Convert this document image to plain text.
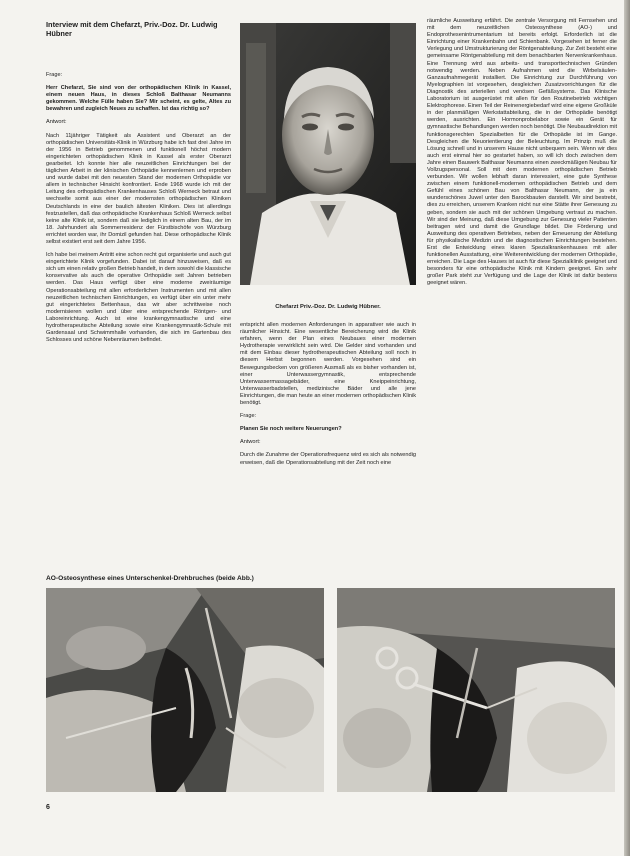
Interview mit dem Chefarzt, Priv.-Doz. Dr. Ludwig Hübner

Frage:

Herr Chefarzt, Sie sind von der orthopädischen Klinik in Kassel, einem neuen Haus, in dieses Schloß Balthasar Neumanns gekommen. Welche Fülle haben Sie? Mir scheint, es gelte, Altes zu bewahren und zugleich Neues zu schaffen. Ist das richtig so?

Antwort:

Nach 11jähriger Tätigkeit als Assistent und Oberarzt an der orthopädischen Universitäts-Klinik in Würzburg habe ich fast drei Jahre im der 1956 in Betrieb genommenen und funktionell höchst modern eingerichteten orthopädischen Klinik in Kassel als erster Oberarzt gearbeitet. Ich konnte hier alle neuzeitlichen Einrichtungen bei der täglichen Arbeit in der klinischen Orthopädie kennenlernen und erproben und wurde dabei mit den neuesten Stand der modernen Orthopädie vor allem in technischer Hinsicht konfrontiert. Ende 1968 wurde ich mit der Leitung des orthopädischen Krankenhauses Schloß Werneck betraut und wechselte somit aus einer der modernsten orthopädischen Kliniken Deutschlands in eine der baulich ältesten Kliniken. Dies ist allerdings festzustellen, daß das orthopädische Krankenhaus Schloß Werneck selbst keine alte Klinik ist, sondern daß sie lediglich in einem alten Bau, der im 18. Jahrhundert als Sommerresidenz der Fürstbischöfe von Würzburg errichtet worden war, ihr Domizil gefunden hat. Diese orthopädische Klinik selbst existiert erst seit dem Jahre 1956.

Ich habe bei meinem Antritt eine schon recht gut organisierte und auch gut eingerichtete Klinik vorgefunden. Dabei ist darauf hinzuweisen, daß es sich um einen relativ großen Betrieb handelt, in dem sowohl die klassische konservative als auch die operative Orthopädie seit Jahren betrieben werden. Das Haus verfügt über eine moderne zweiräumige Operationsabteilung mit allen erforderlichen Instrumenten und mit allen neuzeitlichen technischen Einrichtungen, es verfügt über ein unter mehr gut eingerichtetes Bettenhaus, das wir aber schrittweise noch modernisieren wollen und über eine entsprechende Röntgen- und Laboreinrichtung. Auch ist eine krankengymnastische und eine hydrotherapeutische Abteilung sowie eine Krankengymnastik-Schule mit Gardensaal und Schwimmhalle vorhanden, die sich im Gartenbau des Schlosses und schöne Nebenräumen befindet.

Chefarzt Priv.-Doz. Dr. Ludwig Hübner.

entspricht allen modernen Anforderungen in apparativer wie auch in räumlicher Hinsicht. Eine wesentliche Bereicherung wird die Klinik erfahren, wenn der Plan eines Neubaues einer modernen Hydrotherapie verwirklicht sein wird. Die Gelder sind vorhanden und mit dem Einbau dieser hydrotherapeutischen Abteilung soll noch in diesem Herbst begonnen werden. Vorgesehen sind ein Bewegungsbecken von größeren Ausmaß als es bisher vorhanden ist, einer Unterwassergymnastik, entsprechende Unterwassermassagebäder, eine Kneippeinrichtung, Unterwasserbadstellen, medizinische Bäder und alle jene Einrichtungen, die man heute an einer modernen orthopädischen Klinik benötigt.

Frage:

Planen Sie noch weitere Neuerungen?

Antwort:

Durch die Zunahme der Operationsfrequenz wird es sich als notwendig erweisen, daß die Operationsabteilung mit der Zeit noch eine

räumliche Ausweitung erfährt. Die zentrale Versorgung mit Fernsehen und mit dem neuzeitlichen Osteosynthese (AO-) und Endoprothesenintrumentarium ist bereits erfolgt. Erforderlich ist die Einrichtung einer Krankenbahn und Schienbank. Vorgesehen ist ferner die Verlegung und Umstrukturierung der Röntgenabteilung. Zur Zeit besteht eine gemeinsame Röntgenabteilung mit dem benachbarten Nervenkrankenhaus. Eine Trennung wird aus arbeits- und transporttechnischen Gründen notwendig werden. Neben Aufnahmen wird die Wirbelsäulen-Ganzaufnahmegerät installiert. Die Einrichtung zur Durchführung von Myelographien ist vorgesehen, desgleichen Zusatzvorrichtungen für die Diagnostik des arteriellen und venösen Gefäßsystems. Das Klinische Laboratorium ist ausgerüstet mit allen für den Routinebetrieb wichtigen Elektrophorese. Einen Teil der Reinenergiebedarf wird eine eigene Großküle in der planmäßigen Werkstattabteilung, die in der Orthopädie benötigt werden, ausrichten. Ein Hormonprobelabor sowie ein Gerät für gymnastische Behandlungen werden noch benötigt. Die Neubaudirektion mit funktionsgerechten Spezialbetten für die Orthopädie ist im Gange. Desgleichen die Neuorientierung der Beleuchtung. Im Prinzip muß die Lösung schnell und in unserem Hause nicht unbequem sein. Wenn wir dies auch erst einmal hier so gestartet haben, so will ich doch zwischen dem Jahre einen Bauwerk Balthasar Neumanns einen zweckmäßigen Neubau für Vollzugspersonal. Soll mit dem modernen orthopädischen Betrieb verbunden. Wir wollen lebhaft daran interessiert, eine gute Synthese zwischen einem funktionell-modernen orthopädischen Betrieb und dem Gefühl eines schönen Bau von Balthasar Neumann, der ja ein wunderschönes Juwel unter den Barockbauten darstellt. Wir sind bestrebt, dies zu erreichen, unserem Kranken nicht nur eine Stätte ihrer Genesung zu geben, sondern sie auch mit der schönen Umgebung vertraut zu machen. Wir sind der Meinung, daß diese Umgebung zur Genesung vieler Patienten beitragen wird und damit die Grundlage bildet. Die Förderung und Ausweitung des operativen Betriebes, neben der Erneuerung der Abteilung für physikalische Medizin und die diagnostischen Einrichtungen bestehen. Erst die Entwicklung eines klaren Spezialkrankenhauses mit aller funktionellen Ausstattung, eine Weiterentwicklung der modernen Orthopädie, erreichen. Die Lage des Hauses ist auch für diese Spezialklinik geeignet und besonders für eine orthopädische Klinik mit Kindern geeignet. Ein sehr großer Park steht zur Verfügung und die Lage der Klinik ist dafür bestens geeignet wären.

AO-Osteosynthese eines Unterschenkel-Drehbruches (beide Abb.)
6
